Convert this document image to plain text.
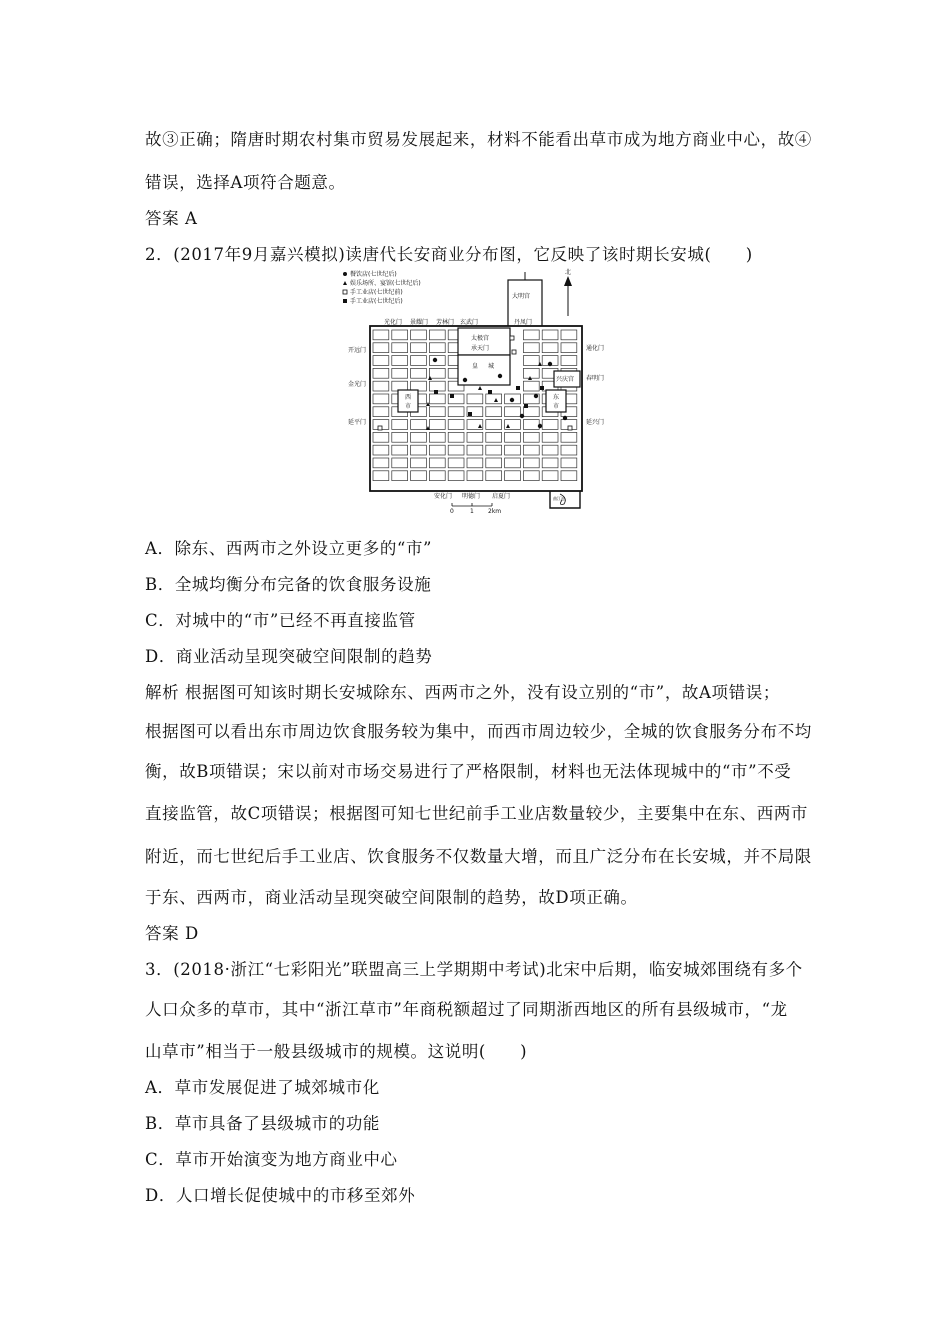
故③正确；隋唐时期农村集市贸易发展起来，材料不能看出草市成为地方商业中心，故④
错误，选择A项符合题意。
答案 A
2．(2017年9月嘉兴模拟)读唐代长安商业分布图，它反映了该时期长安城(　　)
餐饮店(七世纪后)
娱乐场所、宴馆(七世纪后)
手工业店(七世纪前)
手工业店(七世纪后)
北
大明宫
太极宫
承天门
皇 城
西
市
东
市
兴庆宫
光化门 景耀门 芳林门 玄武门	丹凤门
开远门
金光门
延平门
通化门
春明门
延兴门
安化门 明德门 启夏门	曲江池
0	1 2km
A．除东、西两市之外设立更多的“市”
B．全城均衡分布完备的饮食服务设施
C．对城中的“市”已经不再直接监管
D．商业活动呈现突破空间限制的趋势
解析 根据图可知该时期长安城除东、西两市之外，没有设立别的“市”，故A项错误；
根据图可以看出东市周边饮食服务较为集中，而西市周边较少，全城的饮食服务分布不均
衡，故B项错误；宋以前对市场交易进行了严格限制，材料也无法体现城中的“市”不受
直接监管，故C项错误；根据图可知七世纪前手工业店数量较少，主要集中在东、西两市
附近，而七世纪后手工业店、饮食服务不仅数量大增，而且广泛分布在长安城，并不局限
于东、西两市，商业活动呈现突破空间限制的趋势，故D项正确。
答案 D
3．(2018·浙江“七彩阳光”联盟高三上学期期中考试)北宋中后期，临安城郊围绕有多个
人口众多的草市，其中“浙江草市”年商税额超过了同期浙西地区的所有县级城市，“龙
山草市”相当于一般县级城市的规模。这说明(　　)
A．草市发展促进了城郊城市化
B．草市具备了县级城市的功能
C．草市开始演变为地方商业中心
D．人口增长促使城中的市移至郊外
